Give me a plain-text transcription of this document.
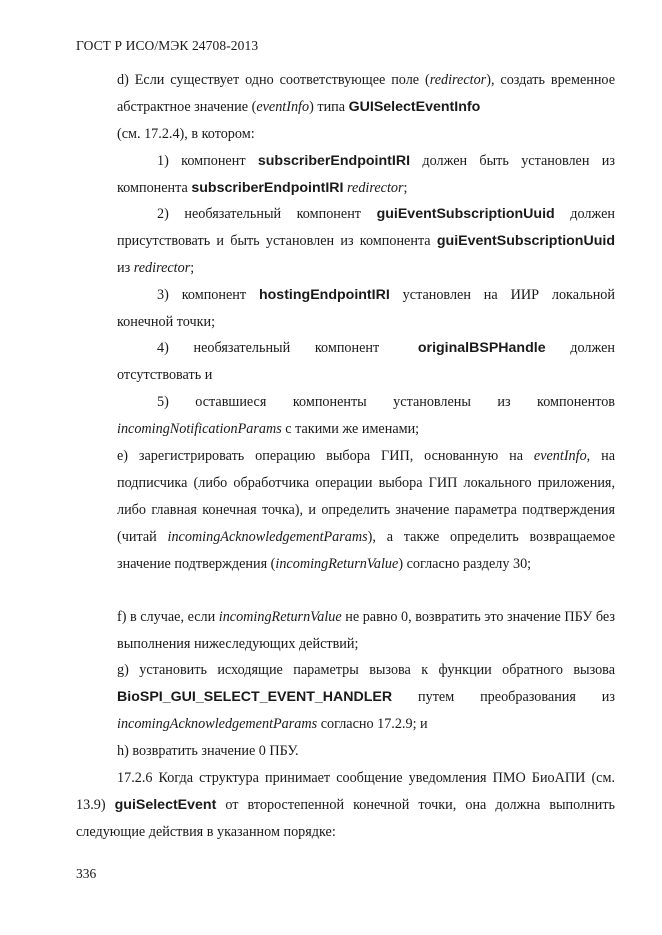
ГОСТ Р ИСО/МЭК 24708-2013
d) Если существует одно соответствующее поле (redirector), создать временное абстрактное значение (eventInfo) типа GUISelectEventInfo
(см. 17.2.4), в котором:
1) компонент subscriberEndpointIRI должен быть установлен из компонента subscriberEndpointIRI redirector;
2) необязательный компонент guiEventSubscriptionUuid должен присутствовать и быть установлен из компонента guiEventSubscriptionUuid из redirector;
3) компонент hostingEndpointIRI установлен на ИИР локальной конечной точки;
4) необязательный компонент originalBSPHandle должен отсутствовать и
5) оставшиеся компоненты установлены из компонентов incomingNotificationParams с такими же именами;
e) зарегистрировать операцию выбора ГИП, основанную на eventInfo, на подписчика (либо обработчика операции выбора ГИП локального приложения, либо главная конечная точка), и определить значение параметра подтверждения (читай incomingAcknowledgementParams), а также определить возвращаемое значение подтверждения (incomingReturnValue) согласно разделу 30;
f) в случае, если incomingReturnValue не равно 0, возвратить это значение ПБУ без выполнения нижеследующих действий;
g) установить исходящие параметры вызова к функции обратного вызова BioSPI_GUI_SELECT_EVENT_HANDLER путем преобразования из incomingAcknowledgementParams согласно 17.2.9; и
h) возвратить значение 0 ПБУ.
17.2.6 Когда структура принимает сообщение уведомления ПМО БиоАПИ (см. 13.9) guiSelectEvent от второстепенной конечной точки, она должна выполнить следующие действия в указанном порядке:
336
